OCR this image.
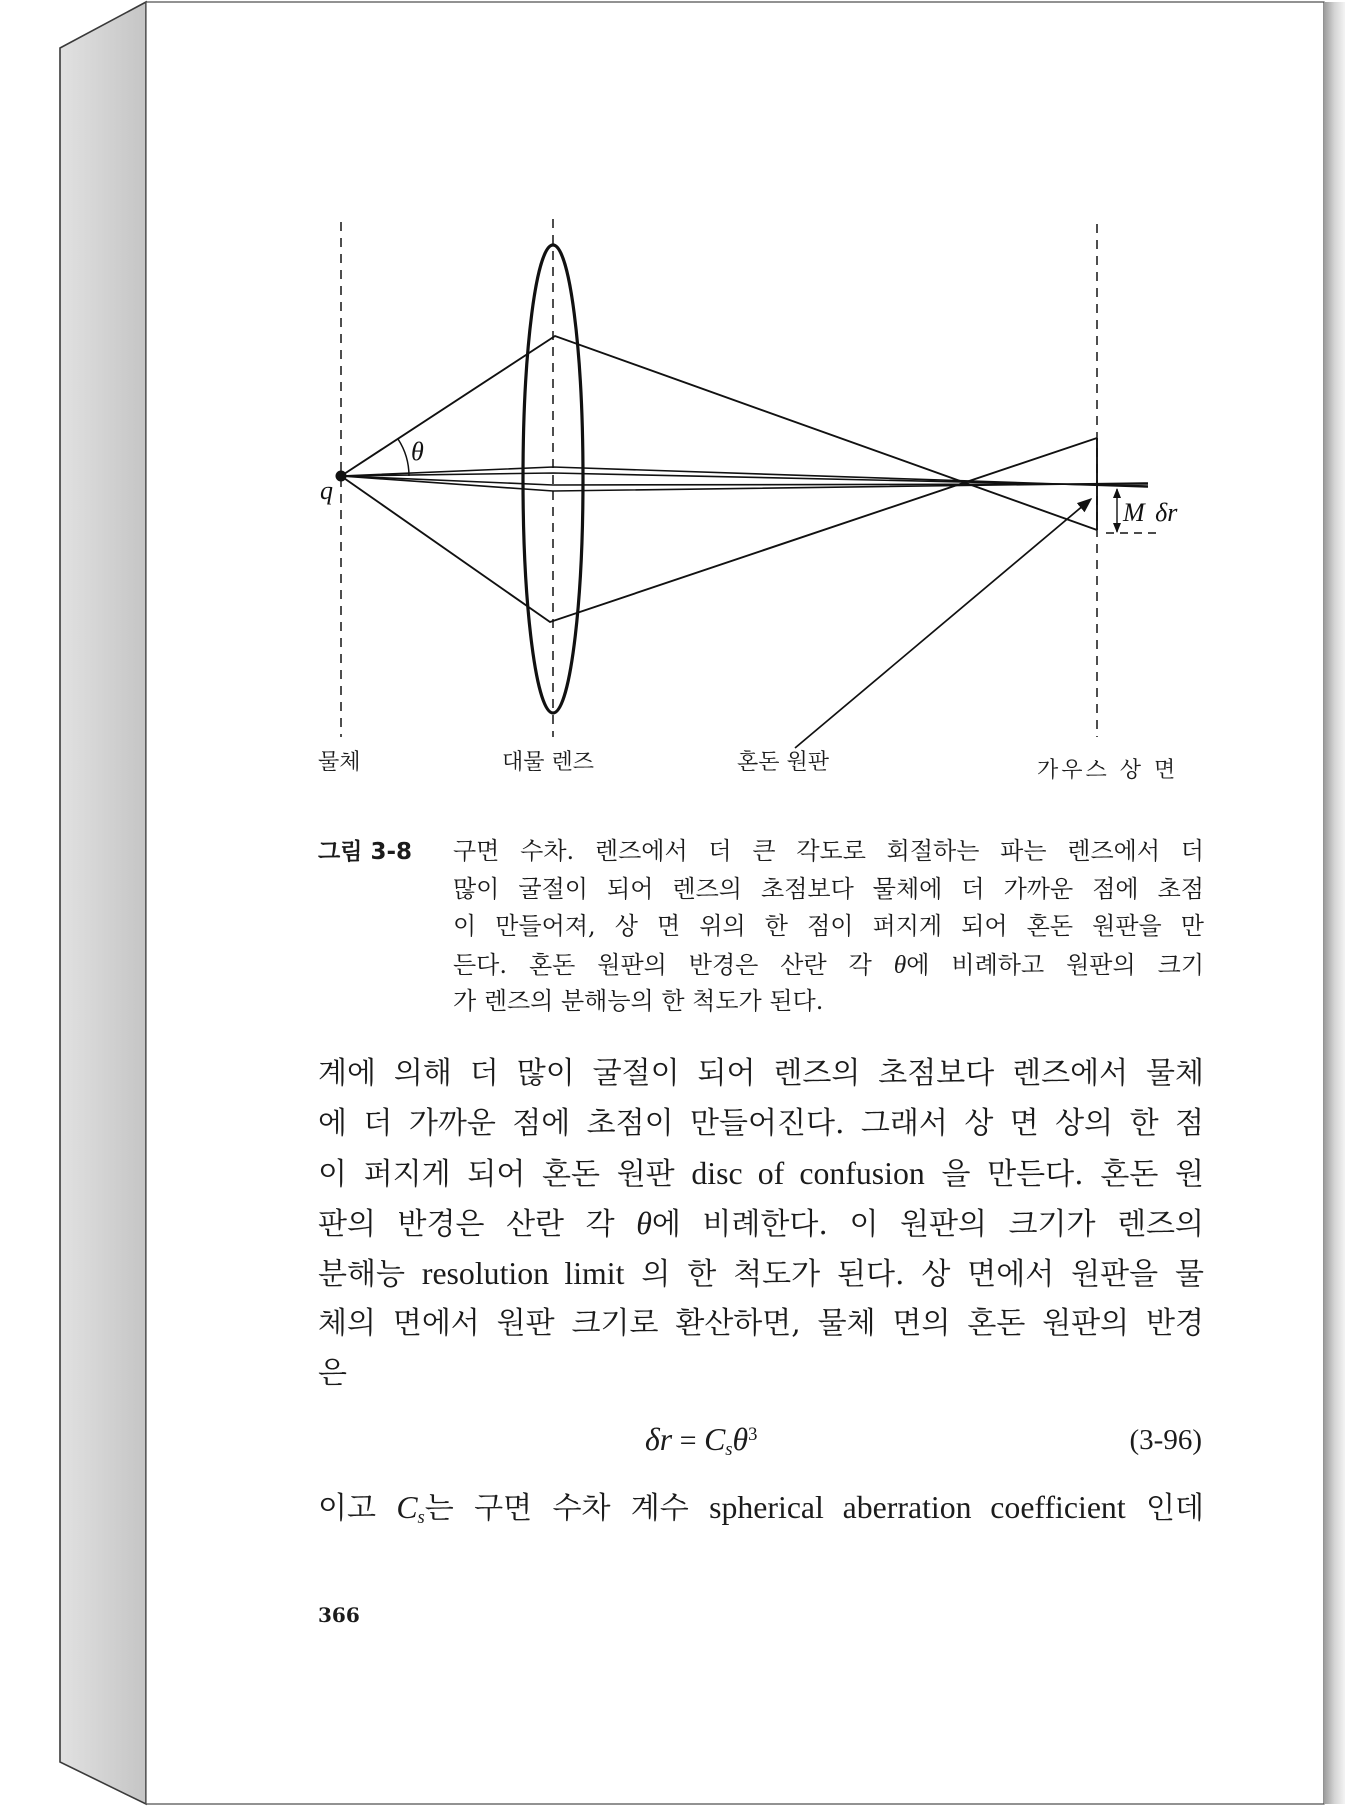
q
θ
M δr
물체	대물 렌즈	혼돈 원판	가우스 상 면
그림 3-8 구면 수차. 렌즈에서 더 큰 각도로 회절하는 파는 렌즈에서 더
많이 굴절이 되어 렌즈의 초점보다 물체에 더 가까운 점에 초점
이 만들어져, 상 면 위의 한 점이 퍼지게 되어 혼돈 원판을 만
든다. 혼돈 원판의 반경은 산란 각 θ에 비례하고 원판의 크기
가 렌즈의 분해능의 한 척도가 된다.
계에 의해 더 많이 굴절이 되어 렌즈의 초점보다 렌즈에서 물체
에 더 가까운 점에 초점이 만들어진다. 그래서 상 면 상의 한 점
이 퍼지게 되어 혼돈 원판 disc of confusion 을 만든다. 혼돈 원
판의 반경은 산란 각 θ에 비례한다. 이 원판의 크기가 렌즈의
분해능 resolution limit 의 한 척도가 된다. 상 면에서 원판을 물
체의 면에서 원판 크기로 환산하면, 물체 면의 혼돈 원판의 반경
은
$\delta r = C_s\theta^3$	(3-96)
이고 $C_s$는 구면 수차 계수 spherical aberration coefficient 인데
366
